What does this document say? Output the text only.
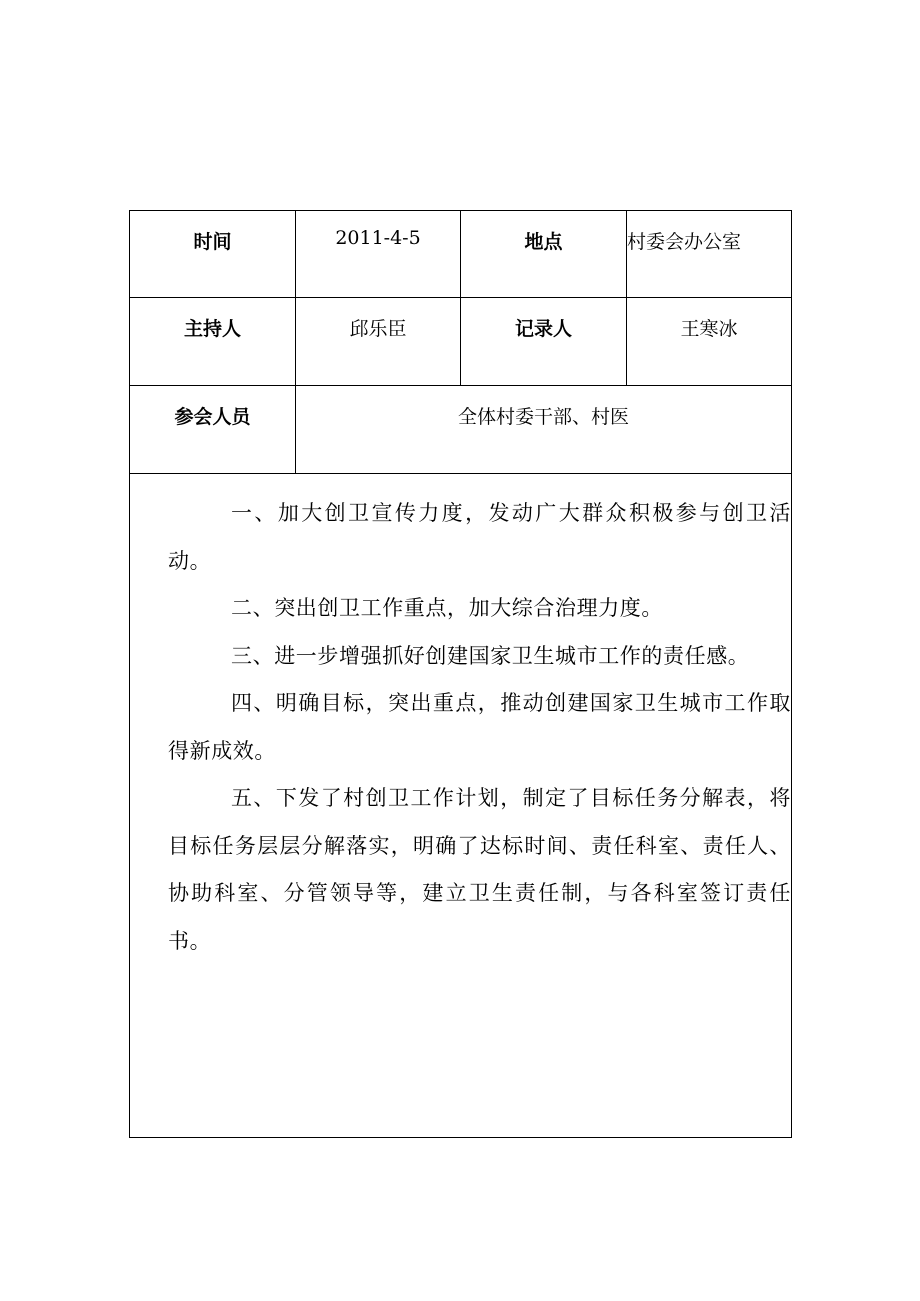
时间	2011-4-5	地点	村委会办公室
主持人	邱乐臣	记录人	王寒冰
参会人员	全体村委干部、村医

一、加大创卫宣传力度，发动广大群众积极参与创卫活动。

二、突出创卫工作重点，加大综合治理力度。

三、进一步增强抓好创建国家卫生城市工作的责任感。

四、明确目标，突出重点，推动创建国家卫生城市工作取得新成效。

五、下发了村创卫工作计划，制定了目标任务分解表，将目标任务层层分解落实，明确了达标时间、责任科室、责任人、协助科室、分管领导等，建立卫生责任制，与各科室签订责任书。
